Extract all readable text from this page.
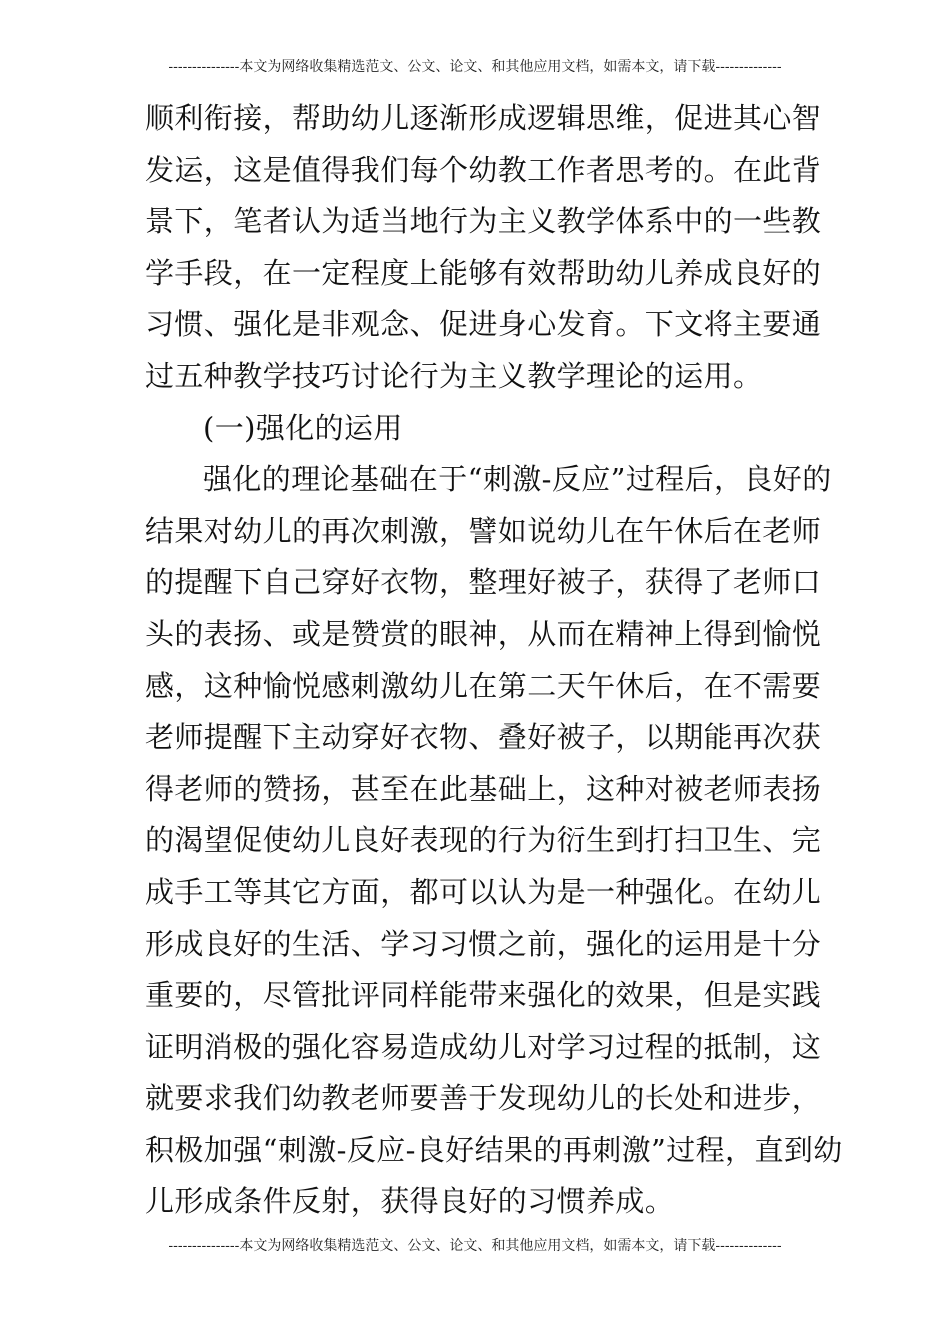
---------------本文为网络收集精选范文、公文、论文、和其他应用文档，如需本文，请下载--------------
顺利衔接，帮助幼儿逐渐形成逻辑思维，促进其心智
发运，这是值得我们每个幼教工作者思考的。在此背
景下，笔者认为适当地行为主义教学体系中的一些教
学手段，在一定程度上能够有效帮助幼儿养成良好的
习惯、强化是非观念、促进身心发育。下文将主要通
过五种教学技巧讨论行为主义教学理论的运用。
(一)强化的运用
强化的理论基础在于“刺激-反应”过程后，良好的
结果对幼儿的再次刺激，譬如说幼儿在午休后在老师
的提醒下自己穿好衣物，整理好被子，获得了老师口
头的表扬、或是赞赏的眼神，从而在精神上得到愉悦
感，这种愉悦感刺激幼儿在第二天午休后，在不需要
老师提醒下主动穿好衣物、叠好被子，以期能再次获
得老师的赞扬，甚至在此基础上，这种对被老师表扬
的渴望促使幼儿良好表现的行为衍生到打扫卫生、完
成手工等其它方面，都可以认为是一种强化。在幼儿
形成良好的生活、学习习惯之前，强化的运用是十分
重要的，尽管批评同样能带来强化的效果，但是实践
证明消极的强化容易造成幼儿对学习过程的抵制，这
就要求我们幼教老师要善于发现幼儿的长处和进步，
积极加强“刺激-反应-良好结果的再刺激”过程，直到幼
儿形成条件反射，获得良好的习惯养成。
---------------本文为网络收集精选范文、公文、论文、和其他应用文档，如需本文，请下载--------------
